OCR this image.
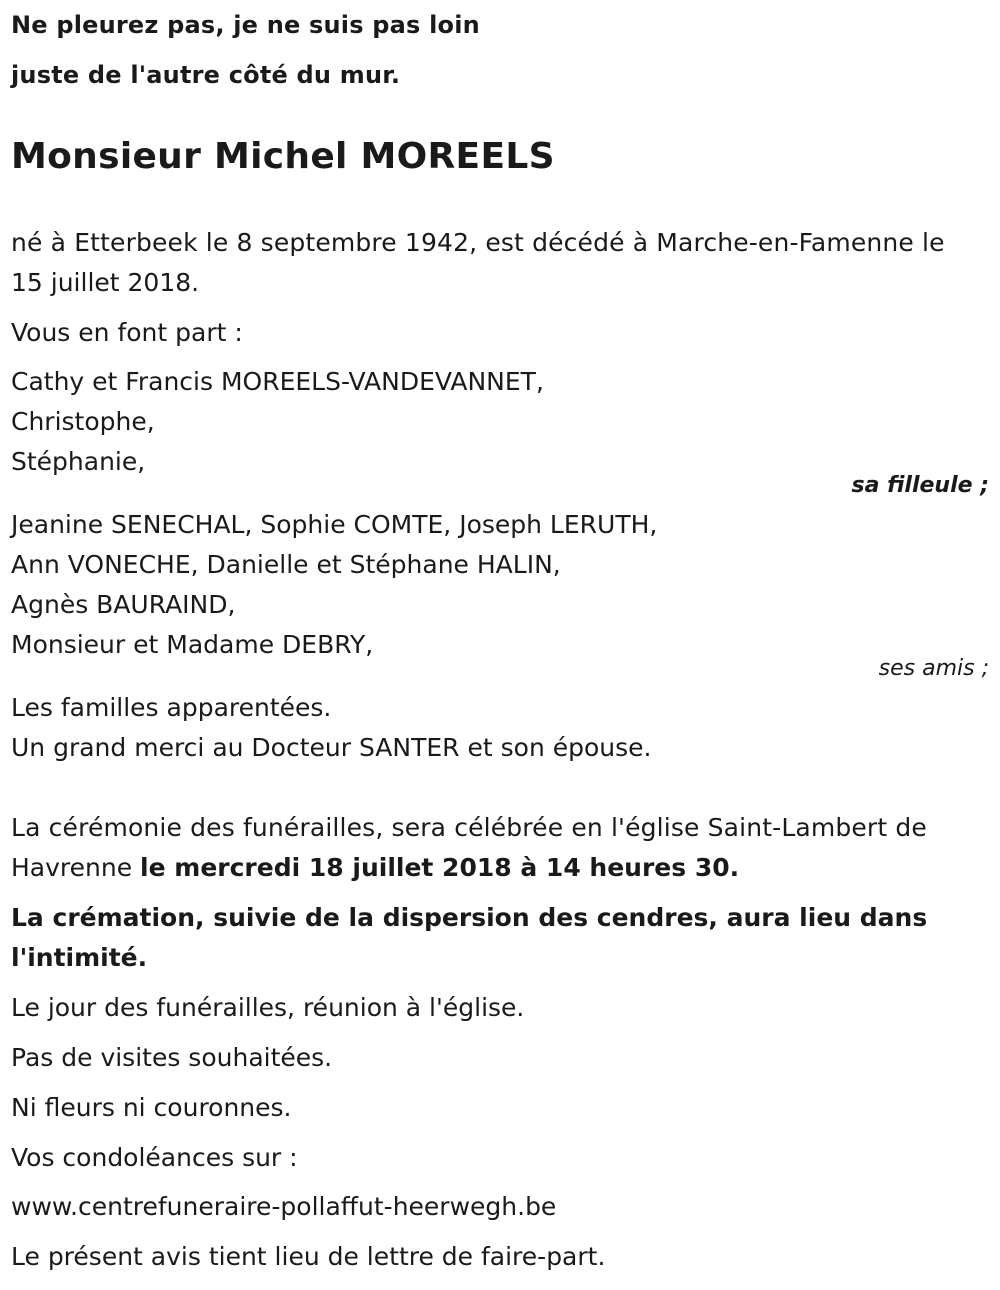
Ne pleurez pas, je ne suis pas loin
juste de l'autre côté du mur.
Monsieur Michel MOREELS
né à Etterbeek le 8 septembre 1942, est décédé à Marche-en-Famenne le
15 juillet 2018.
Vous en font part :
Cathy et Francis MOREELS-VANDEVANNET,
Christophe,
Stéphanie,
sa filleule ;
Jeanine SENECHAL, Sophie COMTE, Joseph LERUTH,
Ann VONECHE, Danielle et Stéphane HALIN,
Agnès BAURAIND,
Monsieur et Madame DEBRY,
ses amis ;
Les familles apparentées.
Un grand merci au Docteur SANTER et son épouse.
La cérémonie des funérailles, sera célébrée en l'église Saint-Lambert de
Havrenne le mercredi 18 juillet 2018 à 14 heures 30.
La crémation, suivie de la dispersion des cendres, aura lieu dans
l'intimité.
Le jour des funérailles, réunion à l'église.
Pas de visites souhaitées.
Ni fleurs ni couronnes.
Vos condoléances sur :
www.centrefuneraire-pollaffut-heerwegh.be
Le présent avis tient lieu de lettre de faire-part.
